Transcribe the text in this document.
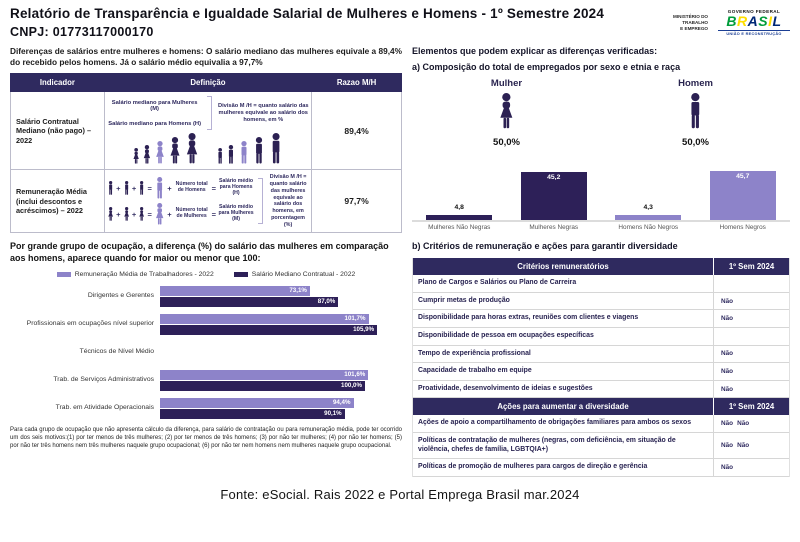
Relatório de Transparência e Igualdade Salarial de Mulheres e Homens - 1º Semestre 2024
CNPJ: 01773117000170
MINISTÉRIO DO
TRABALHO
E EMPREGO
GOVERNO FEDERAL
BRASIL
UNIÃO E RECONSTRUÇÃO

Diferenças de salários entre mulheres e homens: O salário mediano das mulheres equivale a 89,4% do recebido pelos homens. Já o salário médio equivalia a 97,7%

Indicador	Definição	Razao M/H
Salário Contratual Mediano (não pago) – 2022	Salário mediano para Mulheres (M)
Salário mediano para Homens (H)
Divisão M /H = quanto salário das mulheres equivale ao salário dos homens, em %	89,4%
Remuneração Média (inclui descontos e acréscimos) – 2022	
+ + = + Número total de Homens =
Salário médio para Homens (H)
+ + = + Número total de Mulheres =
Salário médio para Mulheres (M)
Divisão M /H = quanto salário das mulheres equivale ao salário dos homens, em porcentagem (%)
	97,7%

Por grande grupo de ocupação, a diferença (%) do salário das mulheres em comparação aos homens, aparece quando for maior ou menor que 100:

Remuneração Média de Trabalhadores - 2022	Salário Mediano Contratual - 2022
Dirigentes e Gerentes
73,1%
87,0%
Profissionais em ocupações nível superior
101,7%
105,9%
Técnicos de Nível Médio
Trab. de Serviços Administrativos
101,6%
100,0%
Trab. em Atividade Operacionais
94,4%
90,1%

Para cada grupo de ocupação que não apresenta cálculo da diferença, para salário de contratação ou para remuneração média, pode ter ocorrido um dos seis motivos:(1) por ter menos de três mulheres; (2) por ter menos de três homens; (3) por não ter mulheres; (4) por não ter homens; (5) por não ter três homens nem três mulheres naquele grupo ocupacional; (6) por não ter nem homens nem mulheres naquele grupo ocupacional.

Elementos que podem explicar as diferenças verificadas:

a) Composição do total de empregados por sexo e etnia e raça

Mulher
50,0%
Homem
50,0%
4,8
45,2
4,3
45,7
Mulheres Não Negras	Mulheres Negras	Homens Não Negros	Homens Negros

b) Critérios de remuneração e ações para garantir diversidade

Critérios remuneratórios	1º Sem 2024
Plano de Cargos e Salários ou Plano de Carreira
Cumprir metas de produção	Não
Disponibilidade para horas extras, reuniões com clientes e viagens	Não
Disponibilidade de pessoa em ocupações específicas
Tempo de experiência profissional	Não
Capacidade de trabalho em equipe	Não
Proatividade, desenvolvimento de ideias e sugestões	Não
Ações para aumentar a diversidade	1º Sem 2024
Ações de apoio a compartilhamento de obrigações familiares para ambos os sexos	Não Não
Políticas de contratação de mulheres (negras, com deficiência, em situação de violência, chefes de família, LGBTQIA+)	Não Não
Políticas de promoção de mulheres para cargos de direção e gerência	Não

Fonte: eSocial. Rais 2022 e Portal Emprega Brasil mar.2024
